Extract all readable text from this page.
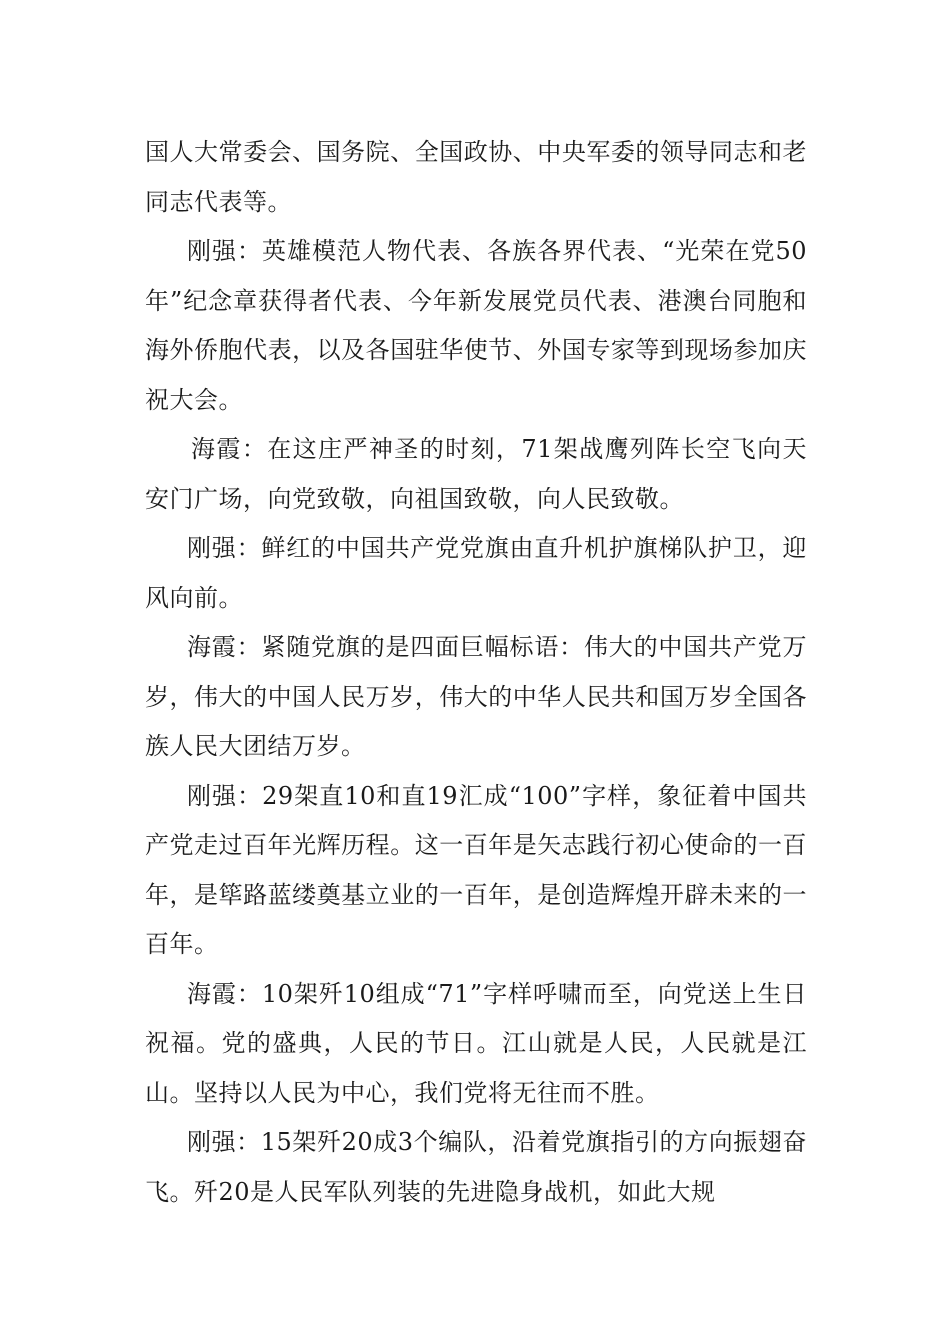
国人大常委会、国务院、全国政协、中央军委的领导同志和老同志代表等。

刚强：英雄模范人物代表、各族各界代表、“光荣在党50年”纪念章获得者代表、今年新发展党员代表、港澳台同胞和海外侨胞代表，以及各国驻华使节、外国专家等到现场参加庆祝大会。

海霞：在这庄严神圣的时刻，71架战鹰列阵长空飞向天安门广场，向党致敬，向祖国致敬，向人民致敬。

刚强：鲜红的中国共产党党旗由直升机护旗梯队护卫，迎风向前。

海霞：紧随党旗的是四面巨幅标语：伟大的中国共产党万岁，伟大的中国人民万岁，伟大的中华人民共和国万岁全国各族人民大团结万岁。

刚强：29架直10和直19汇成“100”字样，象征着中国共产党走过百年光辉历程。这一百年是矢志践行初心使命的一百年，是筚路蓝缕奠基立业的一百年，是创造辉煌开辟未来的一百年。

海霞：10架歼10组成“71”字样呼啸而至，向党送上生日祝福。党的盛典，人民的节日。江山就是人民，人民就是江山。坚持以人民为中心，我们党将无往而不胜。

刚强：15架歼20成3个编队，沿着党旗指引的方向振翅奋飞。歼20是人民军队列装的先进隐身战机，如此大规
